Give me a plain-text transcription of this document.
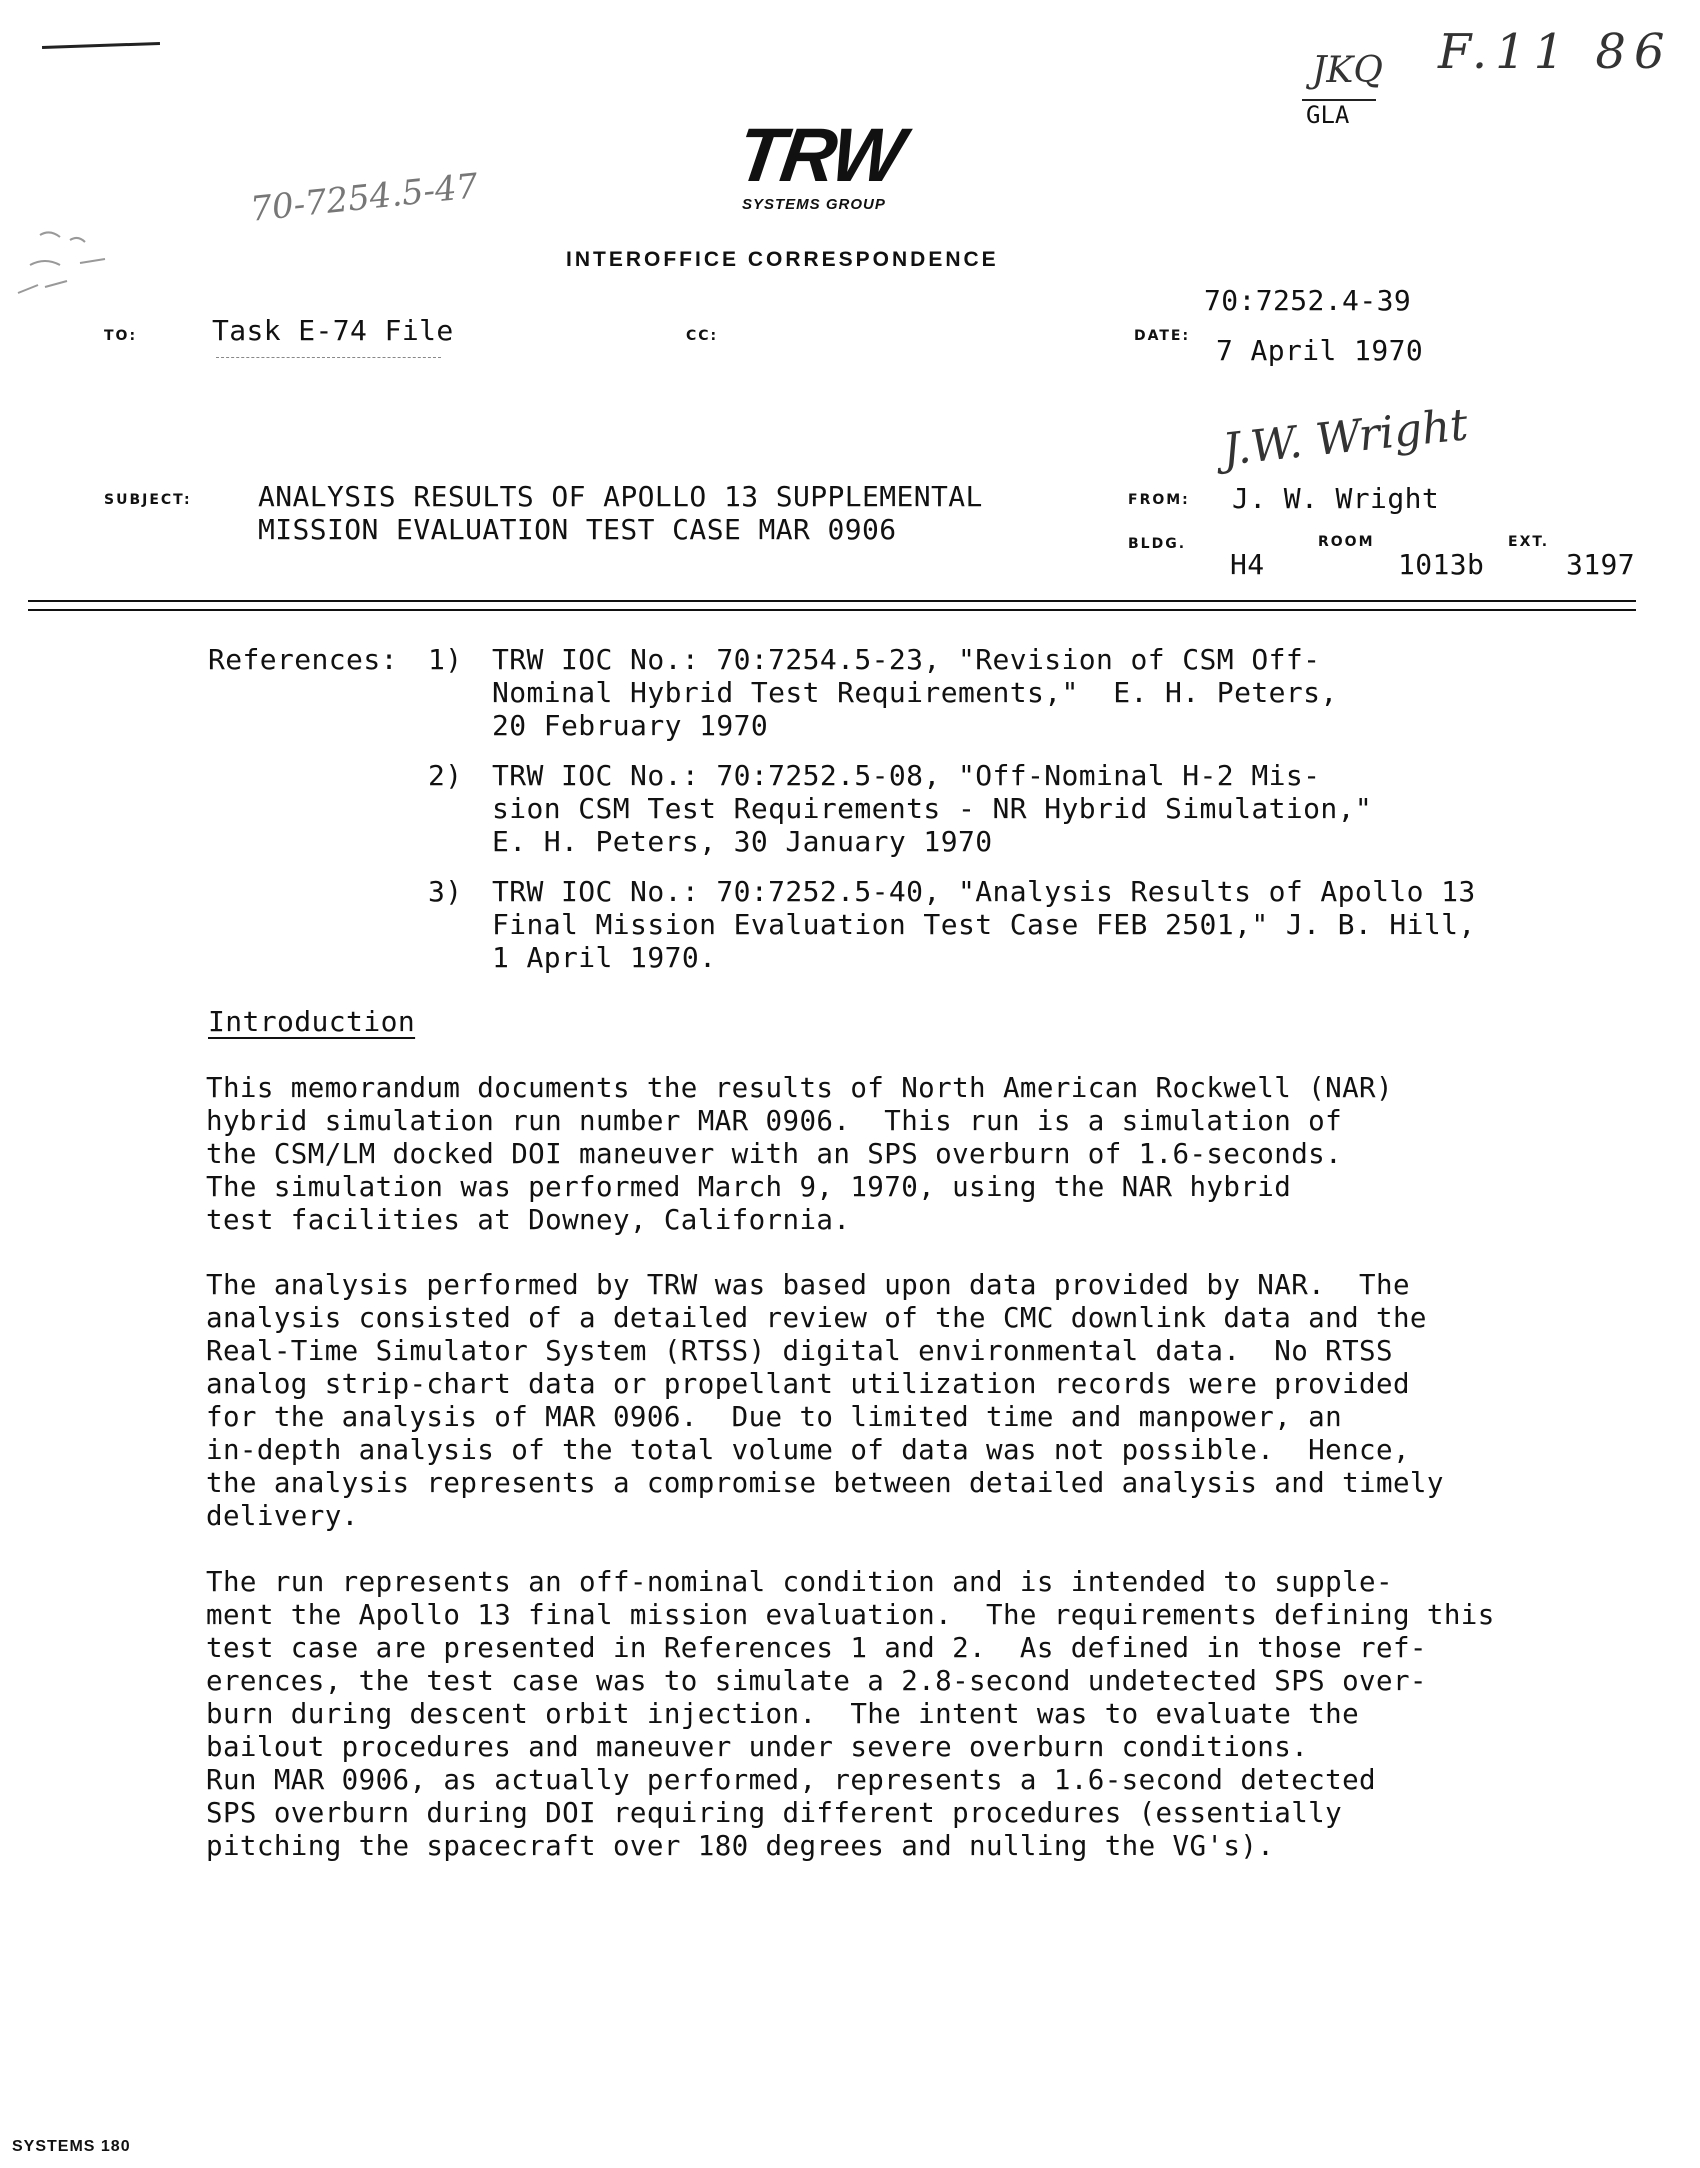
70-7254.5-47
JKQ
GLA
F.11 86
TRW
SYSTEMS GROUP
INTEROFFICE CORRESPONDENCE
70:7252.4-39
TO:	Task E-74 File	CC:	DATE: 7 April 1970
J.W. Wright
SUBJECT: ANALYSIS RESULTS OF APOLLO 13 SUPPLEMENTAL
MISSION EVALUATION TEST CASE MAR 0906
FROM: J. W. Wright
BLDG.
H4
ROOM
1013b
EXT.
3197
References: 1) TRW IOC No.: 70:7254.5-23, "Revision of CSM Off-
Nominal Hybrid Test Requirements,"  E. H. Peters,
20 February 1970
2) TRW IOC No.: 70:7252.5-08, "Off-Nominal H-2 Mis-
sion CSM Test Requirements - NR Hybrid Simulation,"
E. H. Peters, 30 January 1970
3) TRW IOC No.: 70:7252.5-40, "Analysis Results of Apollo 13
Final Mission Evaluation Test Case FEB 2501," J. B. Hill,
1 April 1970.
Introduction
This memorandum documents the results of North American Rockwell (NAR)
hybrid simulation run number MAR 0906.  This run is a simulation of
the CSM/LM docked DOI maneuver with an SPS overburn of 1.6-seconds.
The simulation was performed March 9, 1970, using the NAR hybrid
test facilities at Downey, California.
The analysis performed by TRW was based upon data provided by NAR.  The
analysis consisted of a detailed review of the CMC downlink data and the
Real-Time Simulator System (RTSS) digital environmental data.  No RTSS
analog strip-chart data or propellant utilization records were provided
for the analysis of MAR 0906.  Due to limited time and manpower, an
in-depth analysis of the total volume of data was not possible.  Hence,
the analysis represents a compromise between detailed analysis and timely
delivery.
The run represents an off-nominal condition and is intended to supple-
ment the Apollo 13 final mission evaluation.  The requirements defining this
test case are presented in References 1 and 2.  As defined in those ref-
erences, the test case was to simulate a 2.8-second undetected SPS over-
burn during descent orbit injection.  The intent was to evaluate the
bailout procedures and maneuver under severe overburn conditions.
Run MAR 0906, as actually performed, represents a 1.6-second detected
SPS overburn during DOI requiring different procedures (essentially
pitching the spacecraft over 180 degrees and nulling the VG's).
SYSTEMS 180
